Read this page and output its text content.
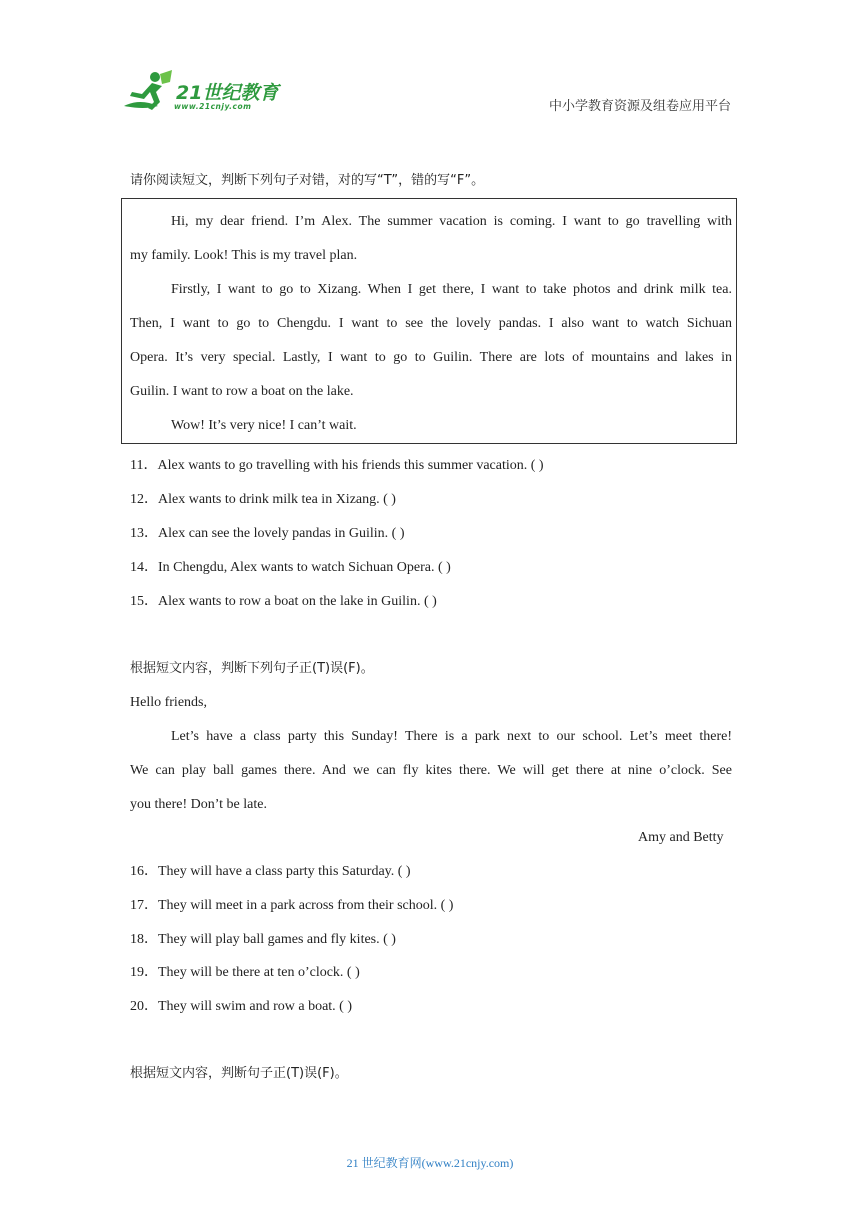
21世纪教育
www.21cnjy.com	中小学教育资源及组卷应用平台
请你阅读短文，判断下列句子对错，对的写“T”，错的写“F”。
Hi, my dear friend. I’m Alex. The summer vacation is coming. I want to go travelling with
my family. Look! This is my travel plan.
Firstly, I want to go to Xizang. When I get there, I want to take photos and drink milk tea.
Then, I want to go to Chengdu. I want to see the lovely pandas. I also want to watch Sichuan
Opera. It’s very special. Lastly, I want to go to Guilin. There are lots of mountains and lakes in
Guilin. I want to row a boat on the lake.
Wow! It’s very nice! I can’t wait.
11．Alex wants to go travelling with his friends this summer vacation. ( )
12．Alex wants to drink milk tea in Xizang. ( )
13．Alex can see the lovely pandas in Guilin. ( )
14．In Chengdu, Alex wants to watch Sichuan Opera. ( )
15．Alex wants to row a boat on the lake in Guilin. ( )
根据短文内容，判断下列句子正(T)误(F)。
Hello friends,
Let’s have a class party this Sunday! There is a park next to our school. Let’s meet there!
We can play ball games there. And we can fly kites there. We will get there at nine o’clock. See
you there! Don’t be late.
Amy and Betty
16．They will have a class party this Saturday. ( )
17．They will meet in a park across from their school. ( )
18．They will play ball games and fly kites. ( )
19．They will be there at ten o’clock. ( )
20．They will swim and row a boat. ( )
根据短文内容，判断句子正(T)误(F)。
21 世纪教育网(www.21cnjy.com)
